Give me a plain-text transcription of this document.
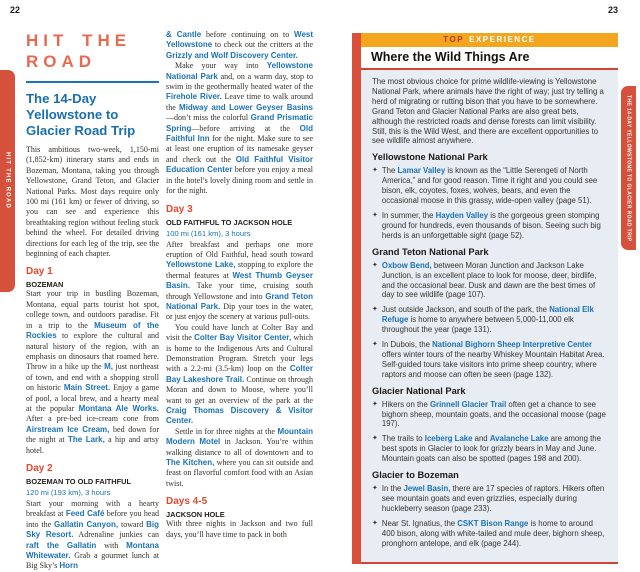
22
HIT THE ROAD
HIT THE
ROAD
The 14-Day Yellowstone to Glacier Road Trip
This ambitious two-week, 1,150-mi (1,852-km) itinerary starts and ends in Bozeman, Montana, taking you through Yellowstone, Grand Teton, and Glacier National Parks. Most days require only 100 mi (161 km) or fewer of driving, so you can see and experience this breathtaking region without feeling stuck behind the wheel. For detailed driving directions for each leg of the trip, see the beginning of each chapter.
Day 1
BOZEMAN
Start your trip in bustling Bozeman, Montana, equal parts tourist hot spot, college town, and outdoors paradise. Fit in a trip to the Museum of the Rockies to explore the cultural and natural history of the region, with an emphasis on dinosaurs that roamed here. Throw in a hike up the M, just northeast of town, and end with a shopping stroll on historic Main Street. Enjoy a game of pool, a local brew, and a hearty meal at the popular Montana Ale Works. After a pre-bed ice-cream cone from Airstream Ice Cream, bed down for the night at The Lark, a hip and artsy hotel.
Day 2
BOZEMAN TO OLD FAITHFUL
120 mi (193 km), 3 hours
Start your morning with a hearty breakfast at Feed Café before you head into the Gallatin Canyon, toward Big Sky Resort. Adrenaline junkies can raft the Gallatin with Montana Whitewater. Grab a gourmet lunch at Big Sky’s Horn
& Cantle before continuing on to West Yellowstone to check out the critters at the Grizzly and Wolf Discovery Center.
Make your way into Yellowstone National Park and, on a warm day, stop to swim in the geothermally heated water of the Firehole River. Leave time to walk around the Midway and Lower Geyser Basins—don’t miss the colorful Grand Prismatic Spring—before arriving at the Old Faithful Inn for the night. Make sure to see at least one eruption of its namesake geyser and check out the Old Faithful Visitor Education Center before you enjoy a meal in the hotel’s lovely dining room and settle in for the night.
Day 3
OLD FAITHFUL TO JACKSON HOLE
100 mi (161 km), 3 hours
After breakfast and perhaps one more eruption of Old Faithful, head south toward Yellowstone Lake, stopping to explore the thermal features at West Thumb Geyser Basin. Take your time, cruising south through Yellowstone and into Grand Teton National Park. Dip your toes in the water, or just enjoy the scenery at various pull-outs.
You could have lunch at Colter Bay and visit the Colter Bay Visitor Center, which is home to the Indigenous Arts and Cultural Demonstration Program. Stretch your legs with a 2.2-mi (3.5-km) loop on the Colter Bay Lakeshore Trail. Continue on through Moran and down to Moose, where you’ll want to get an overview of the park at the Craig Thomas Discovery & Visitor Center.
Settle in for three nights at the Mountain Modern Motel in Jackson. You’re within walking distance to all of downtown and to The Kitchen, where you can sit outside and feast on flavorful comfort food with an Asian twist.
Days 4-5
JACKSON HOLE
With three nights in Jackson and two full days, you’ll have time to pack in both
23
THE 14-DAY YELLOWSTONE TO GLACIER ROAD TRIP
TOP EXPERIENCE
Where the Wild Things Are
The most obvious choice for prime wildlife-viewing is Yellowstone National Park, where animals have the right of way; just try telling a herd of migrating or rutting bison that you have to be somewhere. Grand Teton and Glacier National Parks are also great bets, although the restricted roads and dense forests can limit visibility. Still, this is the Wild West, and there are excellent opportunities to see wildlife almost anywhere.
Yellowstone National Park
✦ The Lamar Valley is known as the “Little Serengeti of North America,” and for good reason. Time it right and you could see bison, elk, coyotes, foxes, wolves, bears, and even the occasional moose in this grassy, wide-open valley (page 51).
✦ In summer, the Hayden Valley is the gorgeous green stomping ground for hundreds, even thousands of bison. Seeing such big herds is an unforgettable sight (page 52).
Grand Teton National Park
✦ Oxbow Bend, between Moran Junction and Jackson Lake Junction, is an excellent place to look for moose, deer, birdlife, and the occasional bear. Dusk and dawn are the best times of day to see wildlife (page 107).
✦ Just outside Jackson, and south of the park, the National Elk Refuge is home to anywhere between 5,000-11,000 elk throughout the year (page 131).
✦ In Dubois, the National Bighorn Sheep Interpretive Center offers winter tours of the nearby Whiskey Mountain Habitat Area. Self-guided tours take visitors into prime sheep country, where raptors and moose can often be seen (page 132).
Glacier National Park
✦ Hikers on the Grinnell Glacier Trail often get a chance to see bighorn sheep, mountain goats, and the occasional moose (page 197).
✦ The trails to Iceberg Lake and Avalanche Lake are among the best spots in Glacier to look for grizzly bears in May and June. Mountain goats can also be spotted (pages 198 and 200).
Glacier to Bozeman
✦ In the Jewel Basin, there are 17 species of raptors. Hikers often see mountain goats and even grizzlies, especially during huckleberry season (page 233).
✦ Near St. Ignatius, the CSKT Bison Range is home to around 400 bison, along with white-tailed and mule deer, bighorn sheep, pronghorn antelope, and elk (page 244).
